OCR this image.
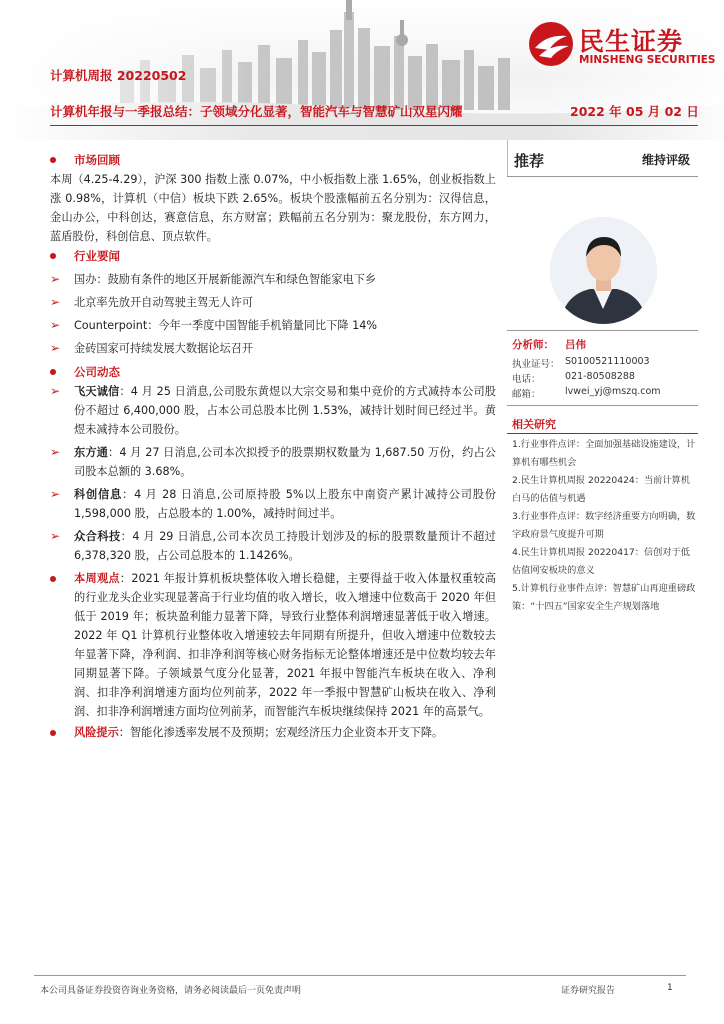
民生证券
MINSHENG SECURITIES
计算机周报 20220502
计算机年报与一季报总结：子领域分化显著，智能汽车与智慧矿山双星闪耀	2022 年 05 月 02 日
市场回顾

本周（4.25-4.29），沪深 300 指数上涨 0.07%，中小板指数上涨 1.65%，创业板指数上涨 0.98%，计算机（中信）板块下跌 2.65%。板块个股涨幅前五名分别为：汉得信息，金山办公，中科创达，赛意信息，东方财富；跌幅前五名分别为：聚龙股份，东方网力，蓝盾股份，科创信息、顶点软件。

行业要闻
➢ 国办：鼓励有条件的地区开展新能源汽车和绿色智能家电下乡
➢ 北京率先放开自动驾驶主驾无人许可
➢ Counterpoint：今年一季度中国智能手机销量同比下降 14%
➢ 金砖国家可持续发展大数据论坛召开
公司动态
➢ 飞天诚信：4 月 25 日消息,公司股东黄煜以大宗交易和集中竞价的方式减持本公司股份不超过 6,400,000 股，占本公司总股本比例 1.53%，减持计划时间已经过半。黄煜未减持本公司股份。
➢ 东方通：4 月 27 日消息,公司本次拟授予的股票期权数量为 1,687.50 万份，约占公司股本总额的 3.68%。
➢ 科创信息：4 月 28 日消息,公司原持股 5%以上股东中南资产累计减持公司股份 1,598,000 股，占总股本的 1.00%，减持时间过半。
➢ 众合科技：4 月 29 日消息,公司本次员工持股计划涉及的标的股票数量预计不超过 6,378,320 股，占公司总股本的 1.1426%。
本周观点：2021 年报计算机板块整体收入增长稳健，主要得益于收入体量权重较高的行业龙头企业实现显著高于行业均值的收入增长，收入增速中位数高于 2020 年但低于 2019 年；板块盈利能力显著下降，导致行业整体利润增速显著低于收入增速。2022 年 Q1 计算机行业整体收入增速较去年同期有所提升，但收入增速中位数较去年显著下降，净利润、扣非净利润等核心财务指标无论整体增速还是中位数均较去年同期显著下降。子领域景气度分化显著，2021 年报中智能汽车板块在收入、净利润、扣非净利润增速方面均位列前茅，2022 年一季报中智慧矿山板块在收入、净利润、扣非净利润增速方面均位列前茅，而智能汽车板块继续保持 2021 年的高景气。
风险提示：智能化渗透率发展不及预期；宏观经济压力企业资本开支下降。
推荐	维持评级
分析师： 吕伟
执业证号： S0100521110003
电话：	021-80508288
邮箱：	lvwei_yj@mszq.com
相关研究
1.行业事件点评：全面加强基础设施建设，计算机有哪些机会
2.民生计算机周报 20220424：当前计算机白马的估值与机遇
3.行业事件点评：数字经济重要方向明确，数字政府景气度提升可期
4.民生计算机周报 20220417：信创对于低估值网安板块的意义
5.计算机行业事件点评：智慧矿山再迎重磅政策：“十四五”国家安全生产规划落地
本公司具备证券投资咨询业务资格，请务必阅读最后一页免责声明	证券研究报告	1
